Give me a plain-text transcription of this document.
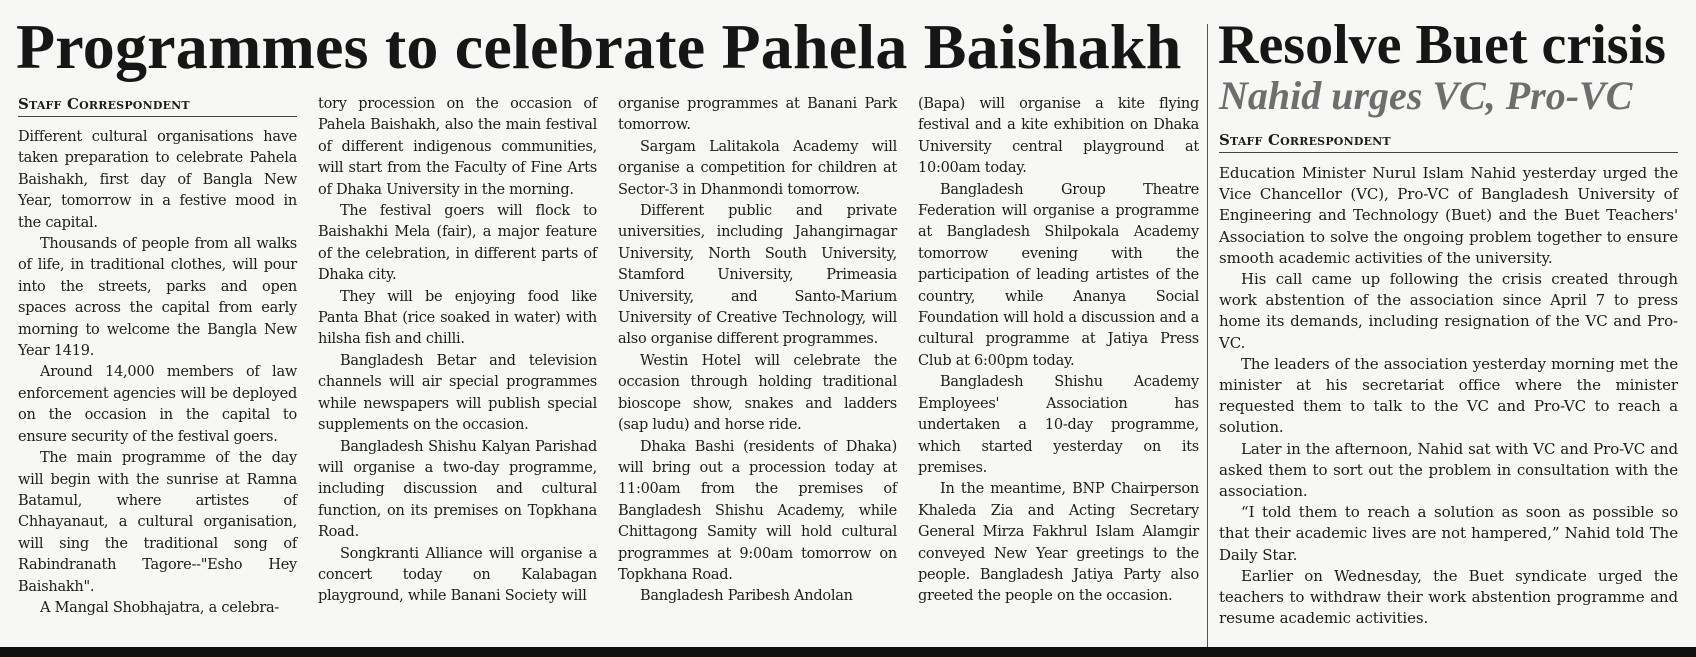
Programmes to celebrate Pahela Baishakh
Staff Correspondent

Different cultural organisations have taken preparation to celebrate Pahela Baishakh, first day of Bangla New Year, tomorrow in a festive mood in the capital.

Thousands of people from all walks of life, in traditional clothes, will pour into the streets, parks and open spaces across the capital from early morning to welcome the Bangla New Year 1419.

Around 14,000 members of law enforcement agencies will be deployed on the occasion in the capital to ensure security of the festival goers.

The main programme of the day will begin with the sunrise at Ramna Batamul, where artistes of Chhayanaut, a cultural organisation, will sing the traditional song of Rabindranath Tagore--"Esho Hey Baishakh".

A Mangal Shobhajatra, a celebra-

tory procession on the occasion of Pahela Baishakh, also the main festival of different indigenous communities, will start from the Faculty of Fine Arts of Dhaka University in the morning.

The festival goers will flock to Baishakhi Mela (fair), a major feature of the celebration, in different parts of Dhaka city.

They will be enjoying food like Panta Bhat (rice soaked in water) with hilsha fish and chilli.

Bangladesh Betar and television channels will air special programmes while newspapers will publish special supplements on the occasion.

Bangladesh Shishu Kalyan Parishad will organise a two-day programme, including discussion and cultural function, on its premises on Topkhana Road.

Songkranti Alliance will organise a concert today on Kalabagan playground, while Banani Society will

organise programmes at Banani Park tomorrow.

Sargam Lalitakola Academy will organise a competition for children at Sector-3 in Dhanmondi tomorrow.

Different public and private universities, including Jahangirnagar University, North South University, Stamford University, Primeasia University, and Santo-Marium University of Creative Technology, will also organise different programmes.

Westin Hotel will celebrate the occasion through holding traditional bioscope show, snakes and ladders (sap ludu) and horse ride.

Dhaka Bashi (residents of Dhaka) will bring out a procession today at 11:00am from the premises of Bangladesh Shishu Academy, while Chittagong Samity will hold cultural programmes at 9:00am tomorrow on Topkhana Road.

Bangladesh Paribesh Andolan

(Bapa) will organise a kite flying festival and a kite exhibition on Dhaka University central playground at 10:00am today.

Bangladesh Group Theatre Federation will organise a programme at Bangladesh Shilpokala Academy tomorrow evening with the participation of leading artistes of the country, while Ananya Social Foundation will hold a discussion and a cultural programme at Jatiya Press Club at 6:00pm today.

Bangladesh Shishu Academy Employees' Association has undertaken a 10-day programme, which started yesterday on its premises.

In the meantime, BNP Chairperson Khaleda Zia and Acting Secretary General Mirza Fakhrul Islam Alamgir conveyed New Year greetings to the people. Bangladesh Jatiya Party also greeted the people on the occasion.

Resolve Buet crisis
Nahid urges VC, Pro-VC
Staff Correspondent

Education Minister Nurul Islam Nahid yesterday urged the Vice Chancellor (VC), Pro-VC of Bangladesh University of Engineering and Technology (Buet) and the Buet Teachers' Association to solve the ongoing problem together to ensure smooth academic activities of the university.

His call came up following the crisis created through work abstention of the association since April 7 to press home its demands, including resignation of the VC and Pro-VC.

The leaders of the association yesterday morning met the minister at his secretariat office where the minister requested them to talk to the VC and Pro-VC to reach a solution.

Later in the afternoon, Nahid sat with VC and Pro-VC and asked them to sort out the problem in consultation with the association.

“I told them to reach a solution as soon as possible so that their academic lives are not hampered,” Nahid told The Daily Star.

Earlier on Wednesday, the Buet syndicate urged the teachers to withdraw their work abstention programme and resume academic activities.
